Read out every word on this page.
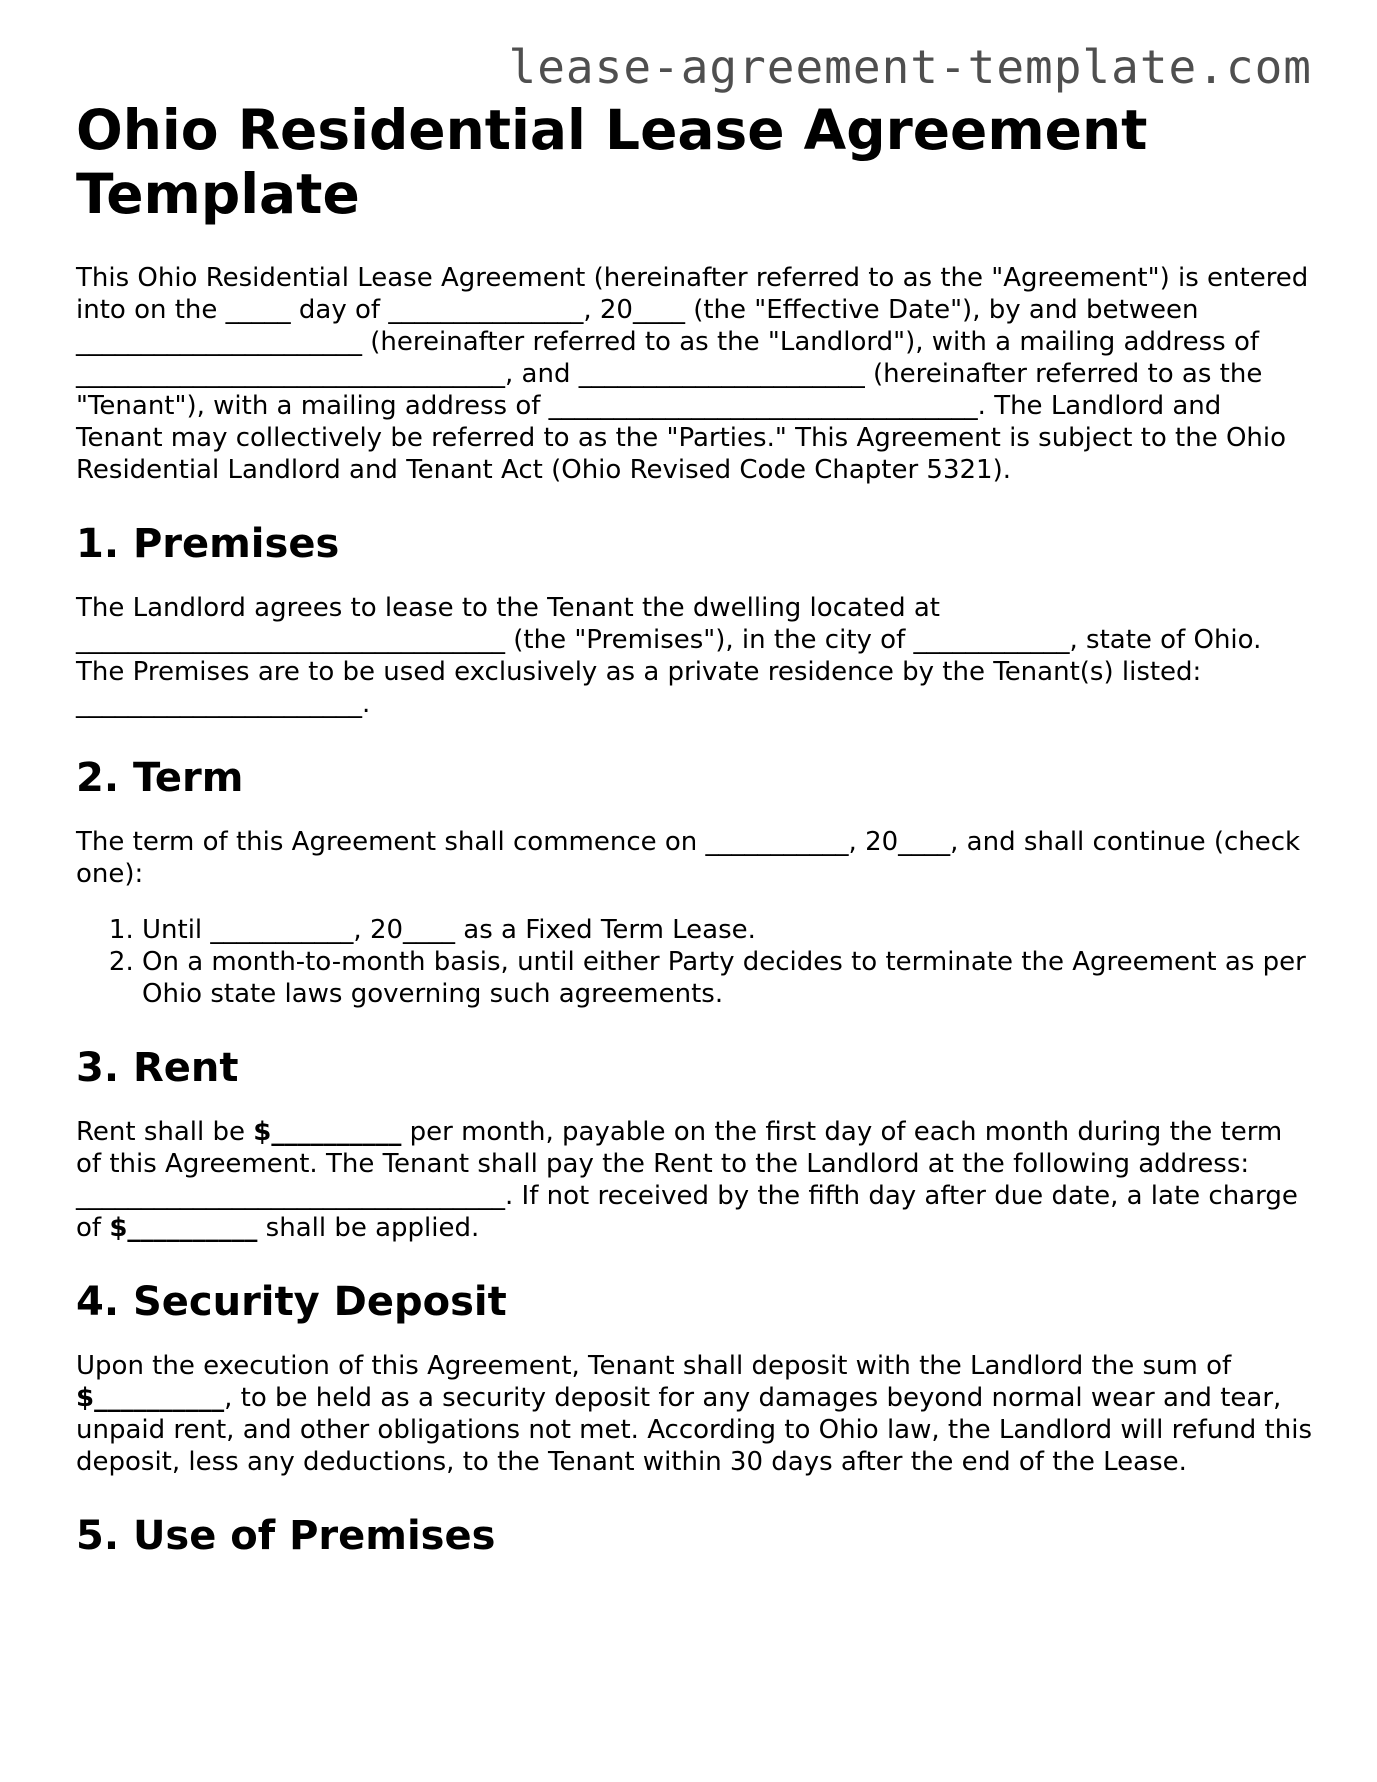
lease-agreement-template.com
Ohio Residential Lease Agreement Template

This Ohio Residential Lease Agreement (hereinafter referred to as the "Agreement") is entered into on the _____ day of _______________, 20____ (the "Effective Date"), by and between ______________________ (hereinafter referred to as the "Landlord"), with a mailing address of _________________________________, and ______________________ (hereinafter referred to as the "Tenant"), with a mailing address of _________________________________. The Landlord and Tenant may collectively be referred to as the "Parties." This Agreement is subject to the Ohio Residential Landlord and Tenant Act (Ohio Revised Code Chapter 5321).

1. Premises

The Landlord agrees to lease to the Tenant the dwelling located at _________________________________ (the "Premises"), in the city of ____________, state of Ohio. The Premises are to be used exclusively as a private residence by the Tenant(s) listed: ______________________.

2. Term

The term of this Agreement shall commence on ___________, 20____, and shall continue (check one):

1. Until ___________, 20____ as a Fixed Term Lease.
2. On a month-to-month basis, until either Party decides to terminate the Agreement as per Ohio state laws governing such agreements.
3. Rent

Rent shall be $__________ per month, payable on the first day of each month during the term of this Agreement. The Tenant shall pay the Rent to the Landlord at the following address: _________________________________. If not received by the fifth day after due date, a late charge of $__________ shall be applied.

4. Security Deposit

Upon the execution of this Agreement, Tenant shall deposit with the Landlord the sum of $__________, to be held as a security deposit for any damages beyond normal wear and tear, unpaid rent, and other obligations not met. According to Ohio law, the Landlord will refund this deposit, less any deductions, to the Tenant within 30 days after the end of the Lease.

5. Use of Premises
